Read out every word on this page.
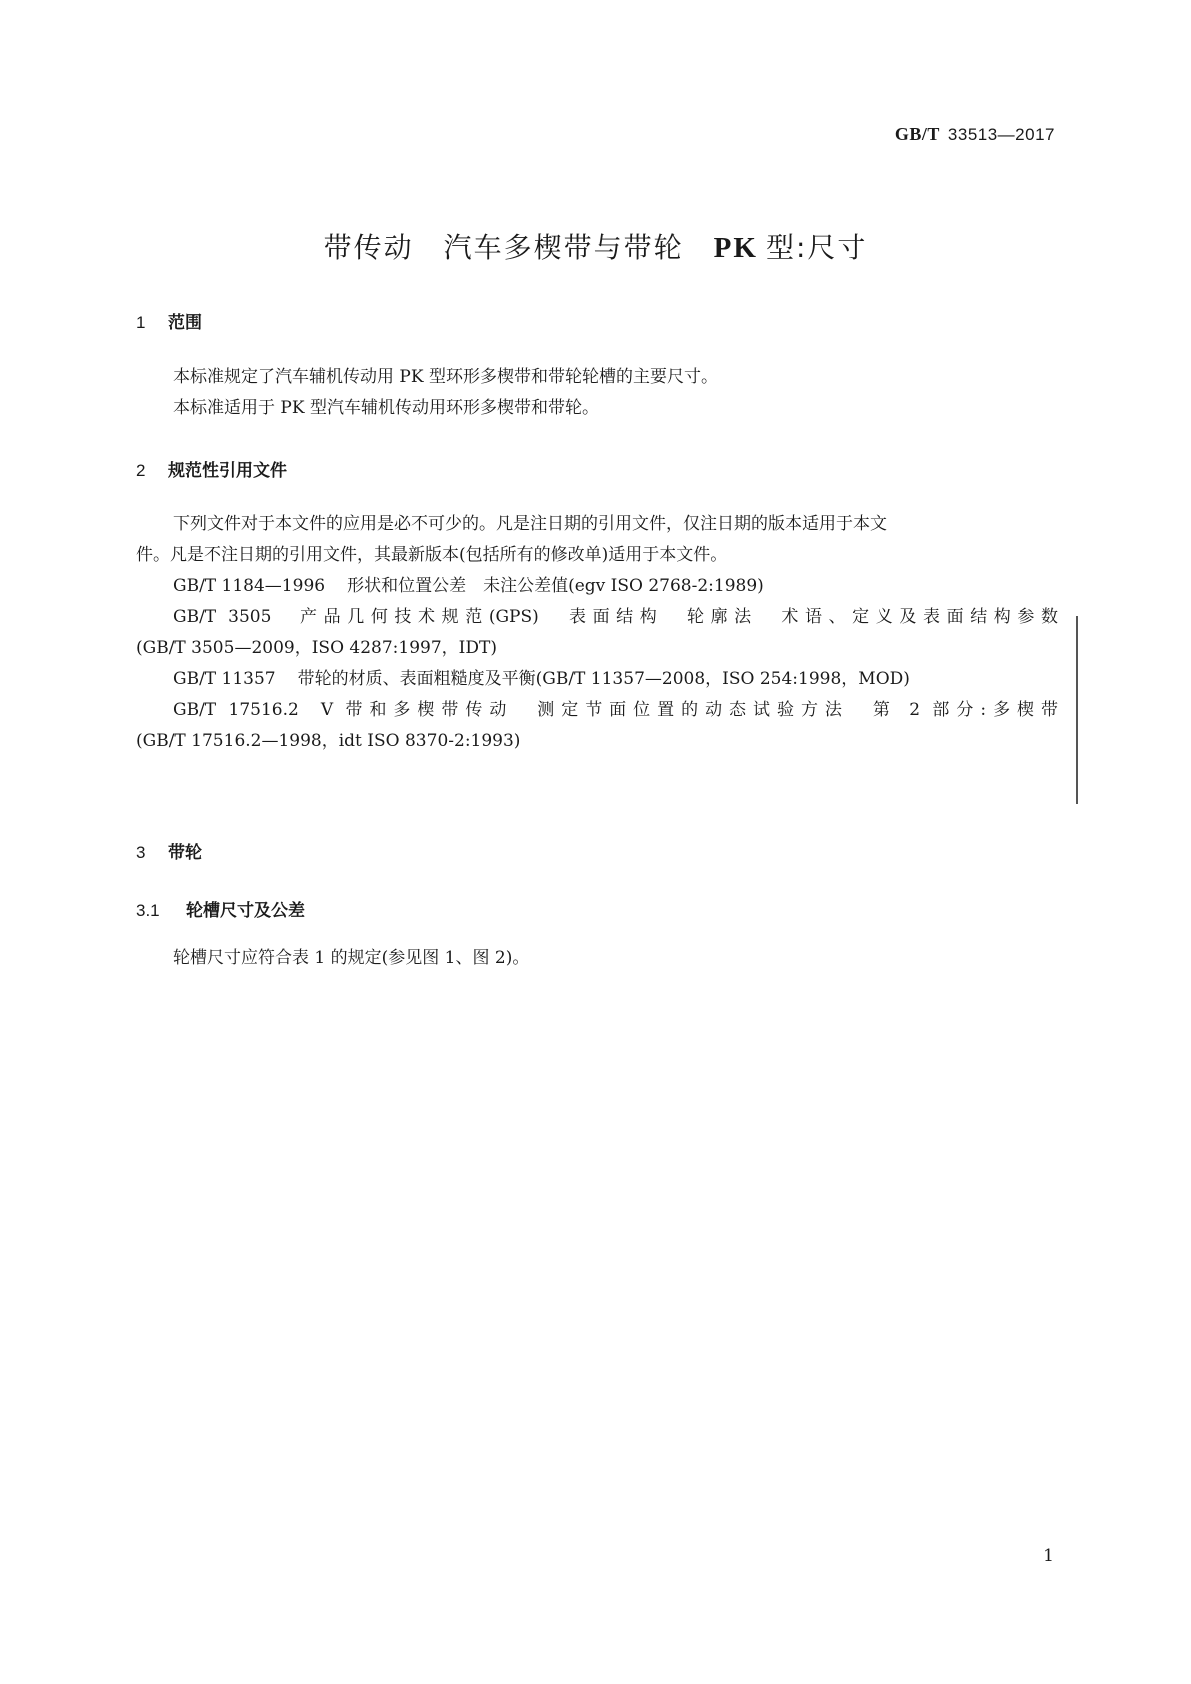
GB/T 33513—2017
带传动 汽车多楔带与带轮 PK 型:尺寸
1 范围
本标准规定了汽车辅机传动用 PK 型环形多楔带和带轮轮槽的主要尺寸。
本标准适用于 PK 型汽车辅机传动用环形多楔带和带轮。
2 规范性引用文件
下列文件对于本文件的应用是必不可少的。凡是注日期的引用文件，仅注日期的版本适用于本文
件。凡是不注日期的引用文件，其最新版本(包括所有的修改单)适用于本文件。
GB/T 1184—1996 形状和位置公差　未注公差值(egv ISO 2768-2:1989)
GB/T 3505 产品几何技术规范(GPS)　表面结构　轮廓法　术语、定义及表面结构参数
(GB/T 3505—2009，ISO 4287:1997，IDT)
GB/T 11357 带轮的材质、表面粗糙度及平衡(GB/T 11357—2008，ISO 254:1998，MOD)
GB/T 17516.2 V 带和多楔带传动　测定节面位置的动态试验方法　第 2 部分:多楔带
(GB/T 17516.2—1998，idt ISO 8370-2:1993)
3 带轮
3.1 轮槽尺寸及公差
轮槽尺寸应符合表 1 的规定(参见图 1、图 2)。
1
